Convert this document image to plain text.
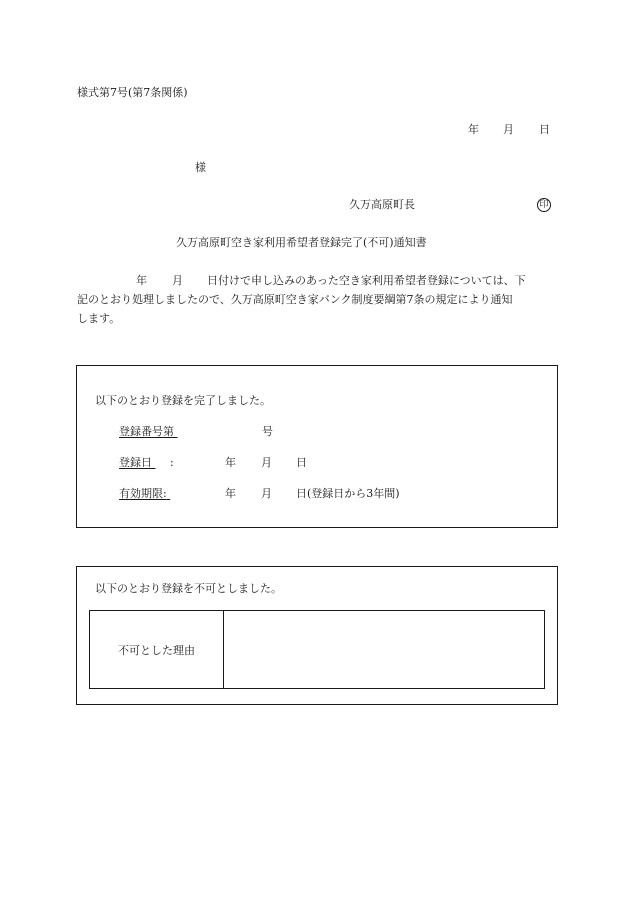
様式第7号(第7条関係)
年 月 日
様
久万高原町長	印
久万高原町空き家利用希望者登録完了(不可)通知書
年 月 日付けで申し込みのあった空き家利用希望者登録については、下
記のとおり処理しましたので、久万高原町空き家バンク制度要綱第7条の規定により通知
します。
以下のとおり登録を完了しました。
登録番号第	号
登録日 :	年 月 日
有効期限:	年 月 日 (登録日から3年間)
以下のとおり登録を不可としました。
不可とした理由
